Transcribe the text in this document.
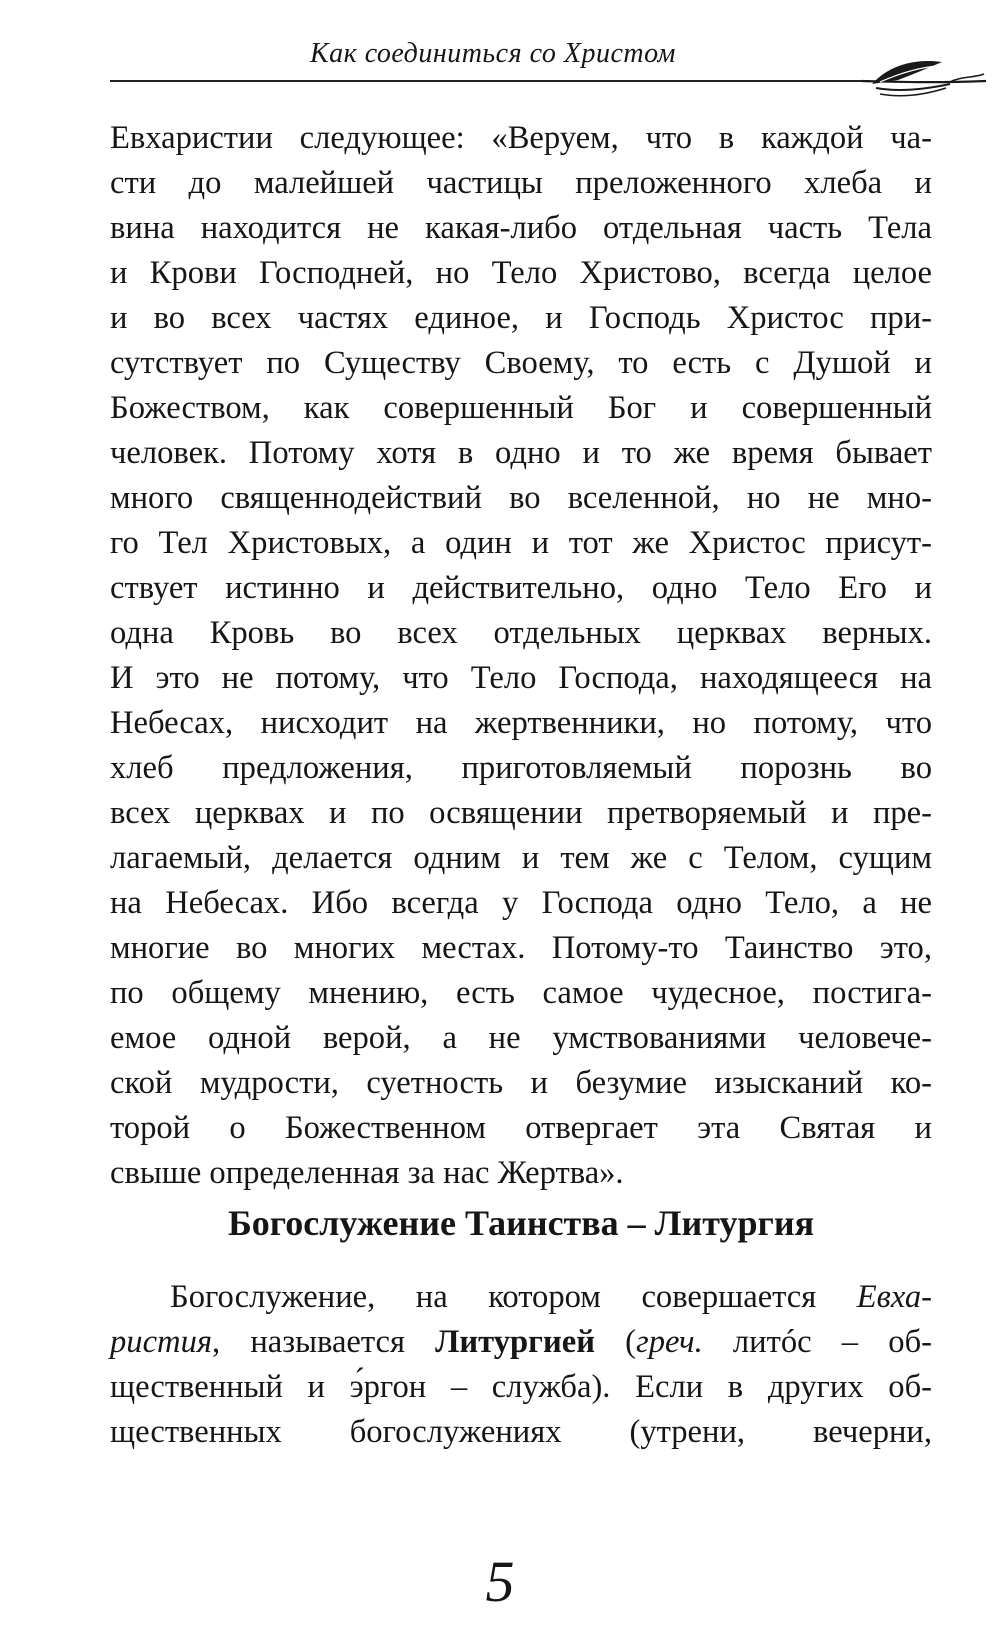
Как соединиться со Христом

Евхаристии следующее: «Веруем, что в каждой ча-
сти до малейшей частицы преложенного хлеба и
вина находится не какая-либо отдельная часть Тела
и Крови Господней, но Тело Христово, всегда целое
и во всех частях единое, и Господь Христос при-
сутствует по Существу Своему, то есть с Душой и
Божеством, как совершенный Бог и совершенный
человек. Потому хотя в одно и то же время бывает
много священнодействий во вселенной, но не мно-
го Тел Христовых, а один и тот же Христос присут-
ствует истинно и действительно, одно Тело Его и
одна Кровь во всех отдельных церквах верных.
И это не потому, что Тело Господа, находящееся на
Небесах, нисходит на жертвенники, но потому, что
хлеб предложения, приготовляемый порознь во
всех церквах и по освящении претворяемый и пре-
лагаемый, делается одним и тем же с Телом, сущим
на Небесах. Ибо всегда у Господа одно Тело, а не
многие во многих местах. Потому-то Таинство это,
по общему мнению, есть самое чудесное, постига-
емое одной верой, а не умствованиями человече-
ской мудрости, суетность и безумие изысканий ко-
торой о Божественном отвергает эта Святая и
свыше определенная за нас Жертва».

Богослужение Таинства – Литургия

Богослужение, на котором совершается Евха-
ристия, называется Литургией (греч. литóс – об-
щественный и э́ргон – служба). Если в других об-
щественных богослужениях (утрени, вечерни,

5
